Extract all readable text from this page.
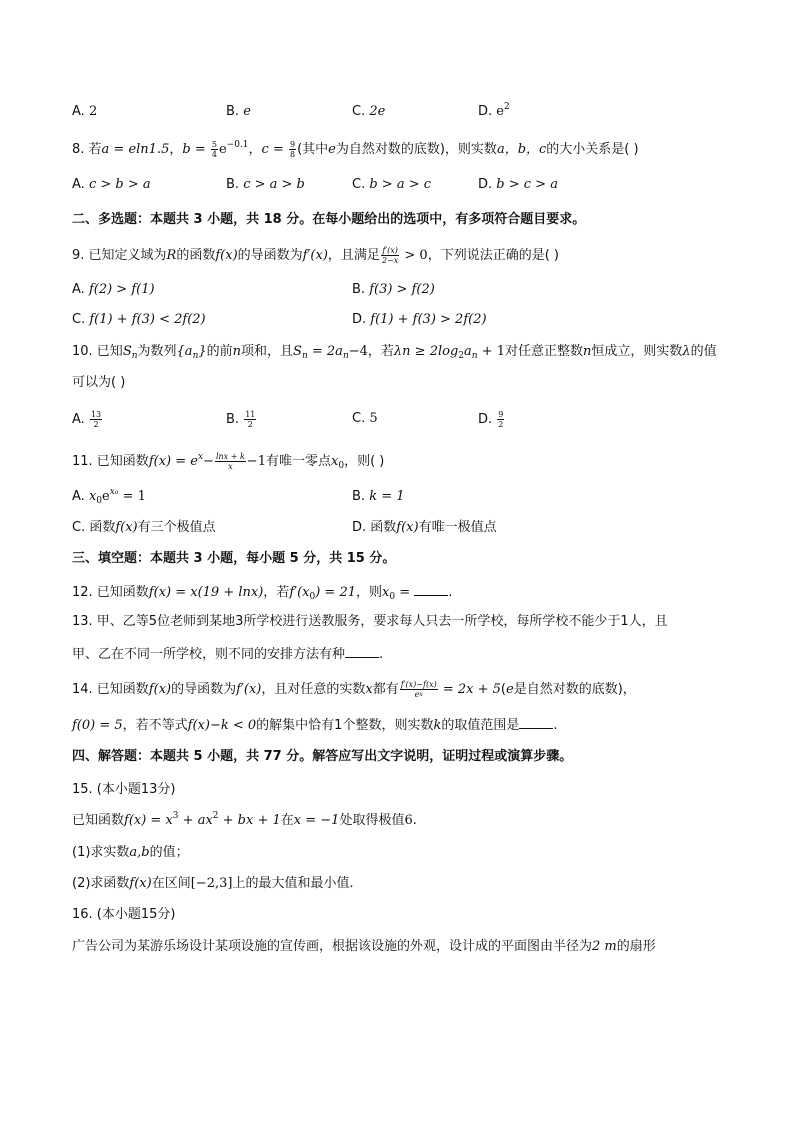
A. 2	B. e	C. 2e	D. $e^2$
8. 若a = eln1.5，$b = \frac{5}{4} e^{-0.1}$，$c = \frac{9}{8}$ (其中e为自然对数的底数)，则实数a，b，c的大小关系是( )
A. c > b > a	B. c > a > b	C. b > a > c	D. b > c > a
二、多选题：本题共 3 小题，共 18 分。在每小题给出的选项中，有多项符合题目要求。
9. 已知定义域为R的函数f(x)的导函数为f′(x)，且满足 $\frac{f'(x)}{2-x} > 0$，下列说法正确的是( )
A. f(2) > f(1)	B. f(3) > f(2)
C. f(1) + f(3) < 2f(2)	D. f(1) + f(3) > 2f(2)
10. 已知$S_n$为数列$\{a_n\}$的前n项和，且$S_n = 2a_n-4$，若$\lambda n \ge 2\log_2a_n + 1$对任意正整数n恒成立，则实数λ的值
可以为( )
A. $\frac{13}{2}$	B. $\frac{11}{2}$	C. 5	D. $\frac{9}{2}$
11. 已知函数$f(x) = e^x- \frac{\ln x + k}{x} -1$有唯一零点$x_0$，则( )
A. $x_0e^{x_0} = 1$	B. k = 1
C. 函数f(x)有三个极值点	D. 函数f(x)有唯一极值点
三、填空题：本题共 3 小题，每小题 5 分，共 15 分。
12. 已知函数f(x) = x(19 + lnx)，若$f'(x_0) = 21$，则$x_0$ =	.
13. 甲、乙等5位老师到某地3所学校进行送教服务，要求每人只去一所学校，每所学校不能少于1人，且
甲、乙在不同一所学校，则不同的安排方法有种	.
14. 已知函数f(x)的导函数为f′(x)，且对任意的实数x都有 $\frac{f'(x)-f(x)}{e^x} = 2x + 5(e$是自然对数的底数)，
f(0) = 5，若不等式f(x)−k < 0的解集中恰有1个整数，则实数k的取值范围是	.
四、解答题：本题共 5 小题，共 77 分。解答应写出文字说明，证明过程或演算步骤。
15. (本小题13分)
已知函数$f(x) = x^3 + ax^2$ + bx + 1在x = −1处取得极值6.
(1)求实数a,b的值；
(2)求函数f(x)在区间[−2,3]上的最大值和最小值.
16. (本小题15分)
广告公司为某游乐场设计某项设施的宣传画，根据该设施的外观，设计成的平面图由半径为2 m的扇形
